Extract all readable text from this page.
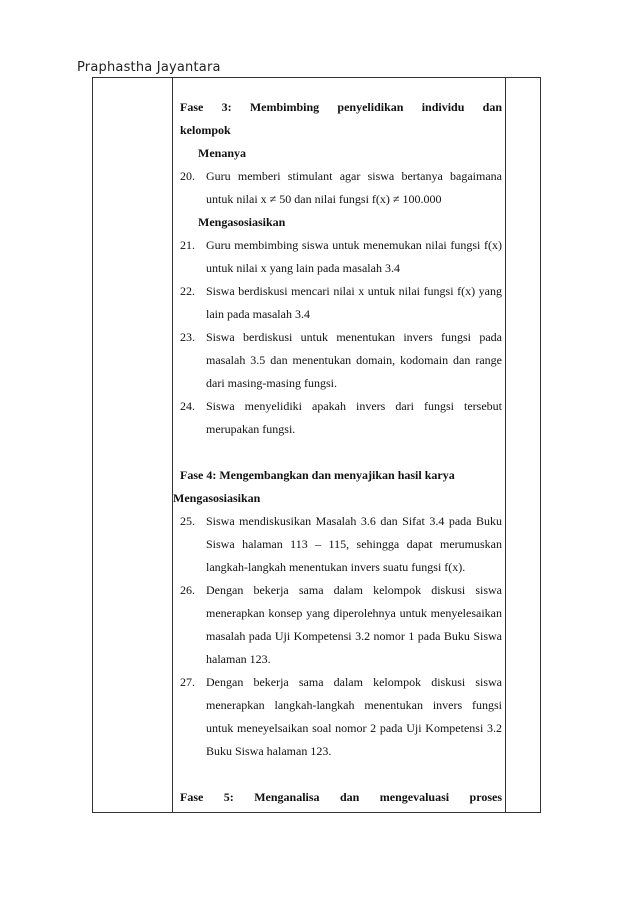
Praphastha Jayantara
Fase 3: Membimbing penyelidikan individu dan
kelompok
Menanya
20. Guru memberi stimulant agar siswa bertanya bagaimana untuk nilai x ≠ 50 dan nilai fungsi f(x) ≠ 100.000
Mengasosiasikan
21. Guru membimbing siswa untuk menemukan nilai fungsi f(x) untuk nilai x yang lain pada masalah 3.4
22. Siswa berdiskusi mencari nilai x untuk nilai fungsi f(x) yang lain pada masalah 3.4
23. Siswa berdiskusi untuk menentukan invers fungsi pada masalah 3.5 dan menentukan domain, kodomain dan range dari masing-masing fungsi.
24. Siswa menyelidiki apakah invers dari fungsi tersebut merupakan fungsi.
Fase 4: Mengembangkan dan menyajikan hasil karya
Mengasosiasikan
25. Siswa mendiskusikan Masalah 3.6 dan Sifat 3.4 pada Buku Siswa halaman 113 – 115, sehingga dapat merumuskan langkah-langkah menentukan invers suatu fungsi f(x).
26. Dengan bekerja sama dalam kelompok diskusi siswa menerapkan konsep yang diperolehnya untuk menyelesaikan masalah pada Uji Kompetensi 3.2 nomor 1 pada Buku Siswa halaman 123.
27. Dengan bekerja sama dalam kelompok diskusi siswa menerapkan langkah-langkah menentukan invers fungsi untuk meneyelsaikan soal nomor 2 pada Uji Kompetensi 3.2 Buku Siswa halaman 123.
Fase 5: Menganalisa dan mengevaluasi proses
